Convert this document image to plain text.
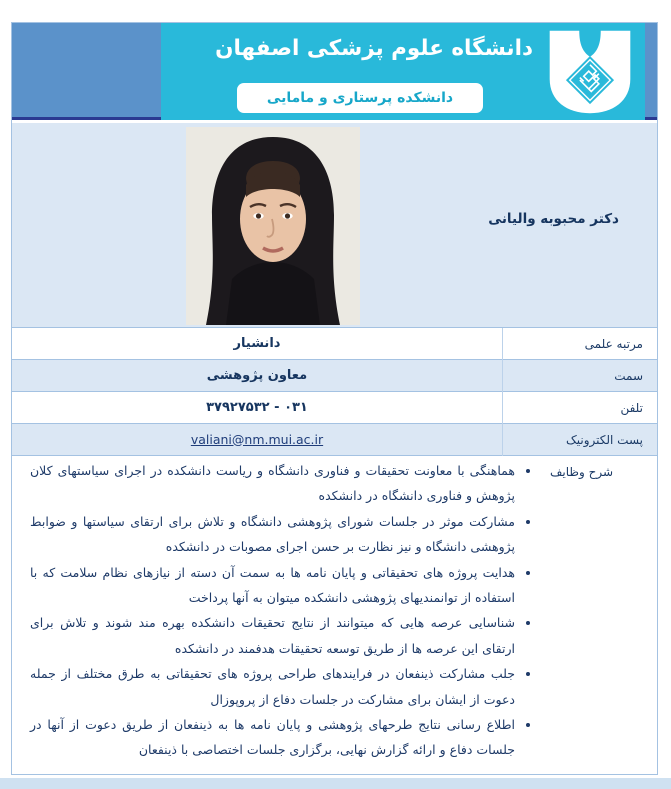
دانشگاه علوم پزشکی اصفهان
دانشکده پرستاری و مامایی
دکتر محبوبه والیانی
مرتبه علمی
دانشیار
سمت
معاون پژوهشی
تلفن
۰۳۱ - ۳۷۹۲۷۵۳۲
پست الکترونیک
valiani@nm.mui.ac.ir
شرح وظایف
• هماهنگی با معاونت تحقیقات و فناوری دانشگاه و ریاست دانشکده در اجرای سیاستهای کلان پژوهش و فناوری دانشگاه در دانشکده
• مشارکت موثر در جلسات شورای پژوهشی دانشگاه و تلاش برای ارتقای سیاستها و ضوابط پژوهشی دانشگاه و نیز نظارت بر حسن اجرای مصوبات در دانشکده
• هدایت پروژه های تحقیقاتی و پایان نامه ها به سمت آن دسته از نیازهای نظام سلامت که با استفاده از توانمندیهای پژوهشی دانشکده میتوان به آنها پرداخت
• شناسایی عرصه هایی که میتوانند از نتایج تحقیقات دانشکده بهره مند شوند و تلاش برای ارتقای این عرصه ها از طریق توسعه تحقیقات هدفمند در دانشکده
• جلب مشارکت ذینفعان در فرایندهای طراحی پروژه های تحقیقاتی به طرق مختلف از جمله دعوت از ایشان برای مشارکت در جلسات دفاع از پروپوزال
• اطلاع رسانی نتایج طرحهای پژوهشی و پایان نامه ها به ذینفعان از طریق دعوت از آنها در جلسات دفاع و ارائه گزارش نهایی، برگزاری جلسات اختصاصی با ذینفعان
